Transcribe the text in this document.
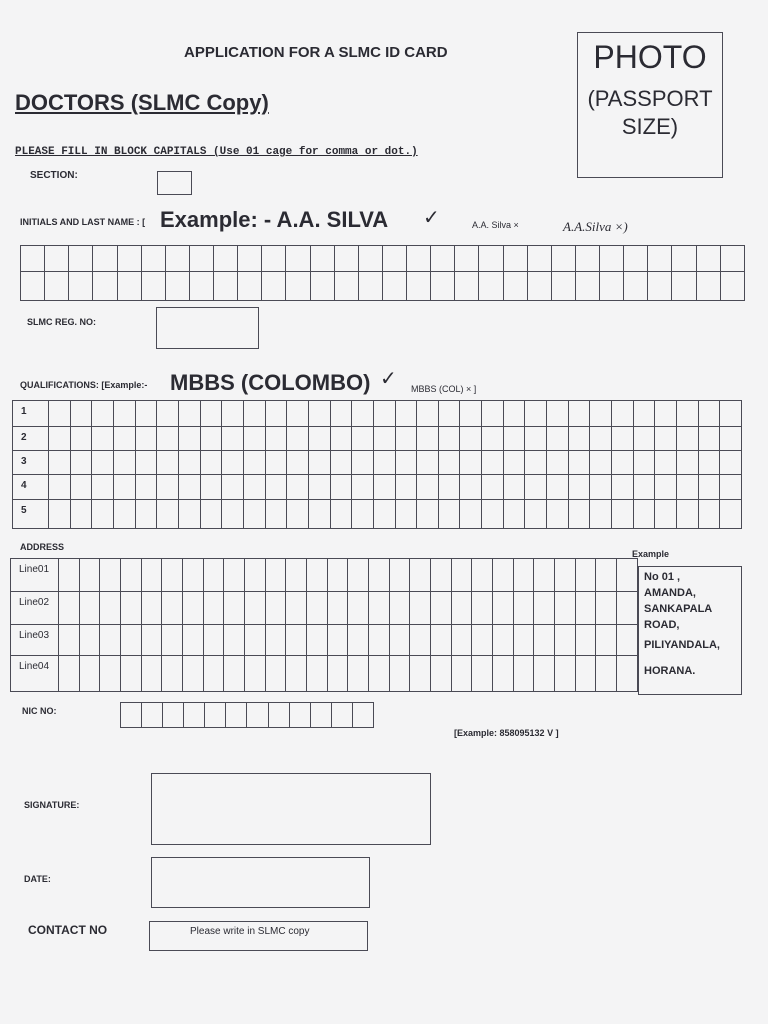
APPLICATION FOR A SLMC ID CARD
DOCTORS (SLMC Copy)
PLEASE FILL IN BLOCK CAPITALS (Use 01 cage for comma or dot.)
PHOTO
(PASSPORT
SIZE)
SECTION:
INITIALS AND LAST NAME : [ Example: - A.A. SILVA ✓	A.A. Silva ×	A.A.Silva ×)

SLMC REG. NO:
QUALIFICATIONS: [Example:- MBBS (COLOMBO) ✓ MBBS (COL) × ]
1																																
2																																
3																																
4																																
5																																
ADDRESS
Example
Line01																												
Line02																												
Line03																												
Line04																												
No 01 ,
AMANDA,
SANKAPALA
ROAD,
PILIYANDALA,
HORANA.
NIC NO:

[Example: 858095132 V ]
SIGNATURE:
DATE:
CONTACT NO	Please write in SLMC copy
